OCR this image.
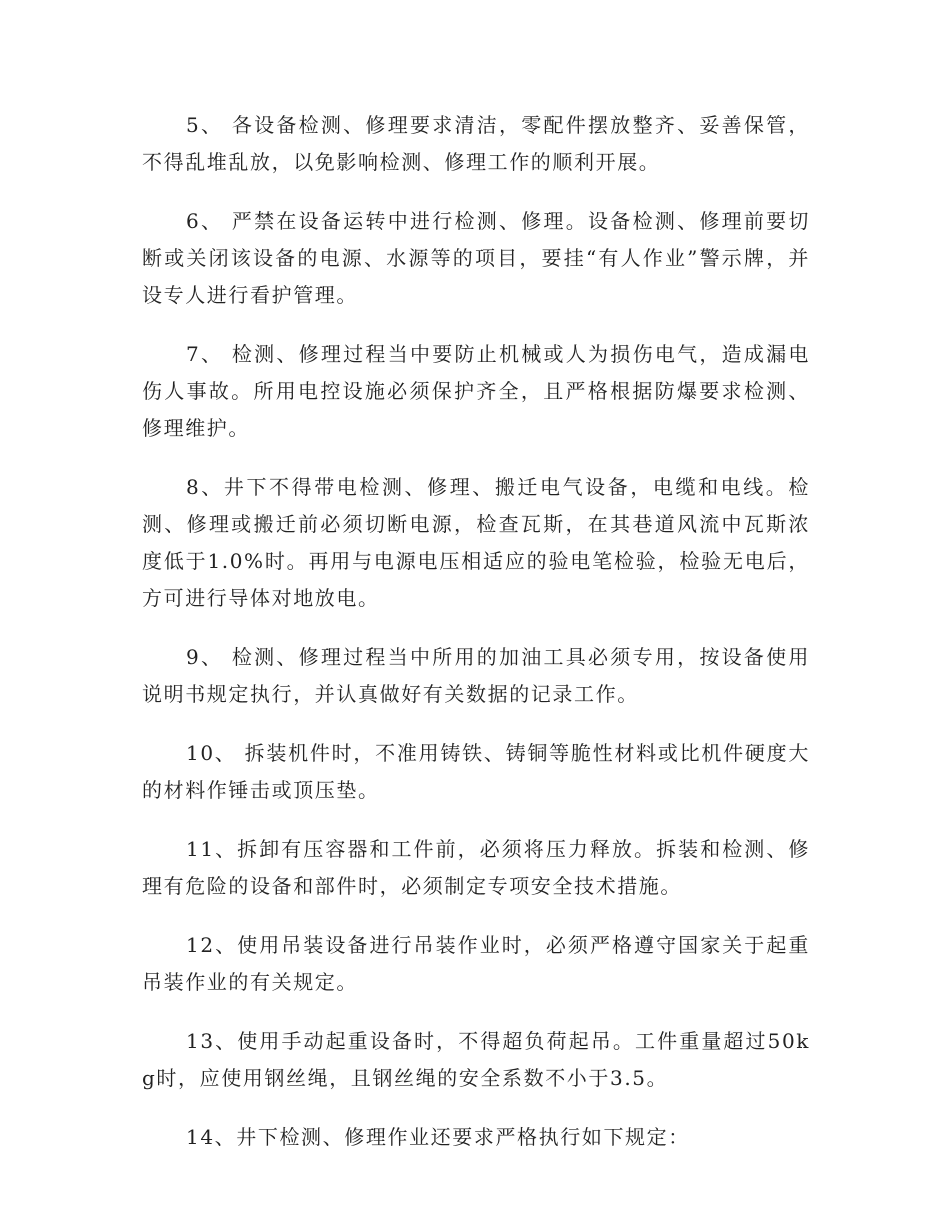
5、 各设备检测、修理要求清洁，零配件摆放整齐、妥善保管，不得乱堆乱放，以免影响检测、修理工作的顺利开展。

6、 严禁在设备运转中进行检测、修理。设备检测、修理前要切断或关闭该设备的电源、水源等的项目，要挂“有人作业”警示牌，并设专人进行看护管理。

7、 检测、修理过程当中要防止机械或人为损伤电气，造成漏电伤人事故。所用电控设施必须保护齐全，且严格根据防爆要求检测、修理维护。

8、井下不得带电检测、修理、搬迁电气设备，电缆和电线。检测、修理或搬迁前必须切断电源，检查瓦斯，在其巷道风流中瓦斯浓度低于1.0%时。再用与电源电压相适应的验电笔检验，检验无电后，方可进行导体对地放电。

9、 检测、修理过程当中所用的加油工具必须专用，按设备使用说明书规定执行，并认真做好有关数据的记录工作。

10、 拆装机件时，不准用铸铁、铸铜等脆性材料或比机件硬度大的材料作锤击或顶压垫。

11、拆卸有压容器和工件前，必须将压力释放。拆装和检测、修理有危险的设备和部件时，必须制定专项安全技术措施。

12、使用吊装设备进行吊装作业时，必须严格遵守国家关于起重吊装作业的有关规定。

13、使用手动起重设备时，不得超负荷起吊。工件重量超过50kg时，应使用钢丝绳，且钢丝绳的安全系数不小于3.5。

14、井下检测、修理作业还要求严格执行如下规定：
